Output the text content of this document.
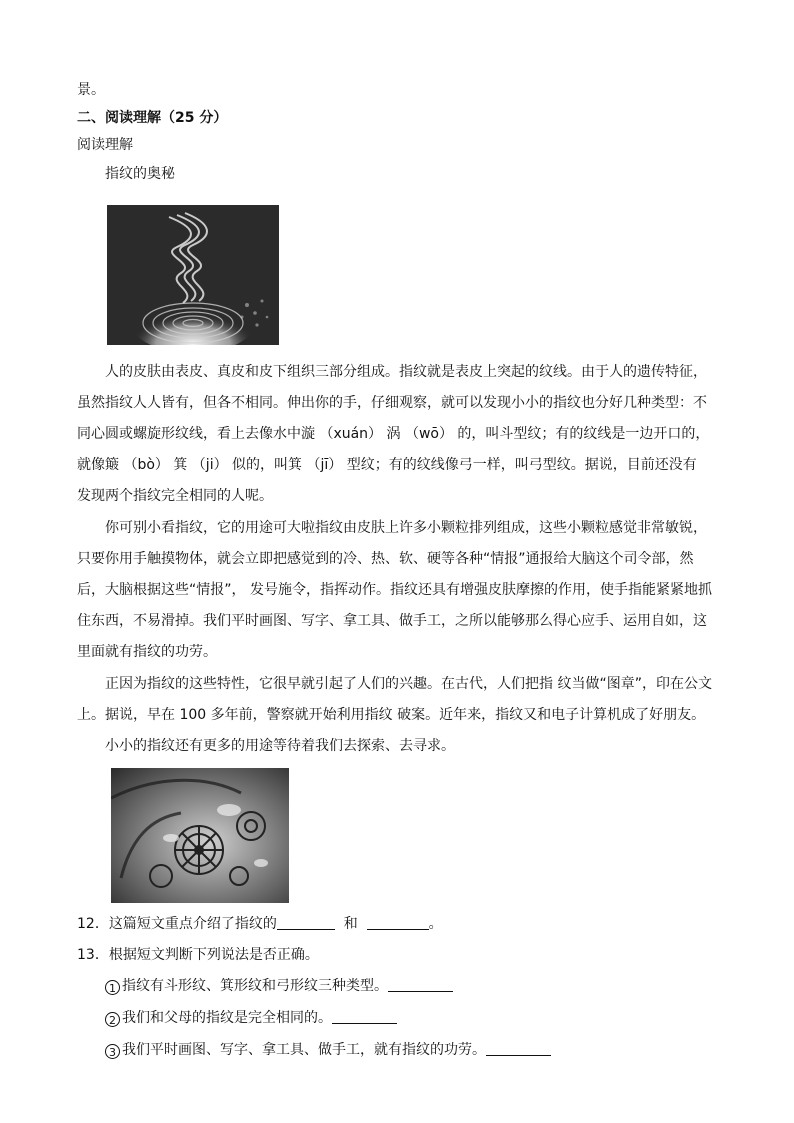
景。
二、阅读理解（25 分）
阅读理解
指纹的奥秘
人的皮肤由表皮、真皮和皮下组织三部分组成。指纹就是表皮上突起的纹线。由于人的遗传特征，
虽然指纹人人皆有，但各不相同。伸出你的手，仔细观察，就可以发现小小的指纹也分好几种类型：不
同心圆或螺旋形纹线，看上去像水中漩 （xuán） 涡 （wō） 的，叫斗型纹；有的纹线是一边开口的，
就像簸 （bò） 箕 （ji） 似的，叫箕 （jī） 型纹；有的纹线像弓一样，叫弓型纹。据说，目前还没有
发现两个指纹完全相同的人呢。
你可别小看指纹，它的用途可大啦指纹由皮肤上许多小颗粒排列组成，这些小颗粒感觉非常敏锐，
只要你用手触摸物体，就会立即把感觉到的冷、热、软、硬等各种“情报”通报给大脑这个司令部，然
后，大脑根据这些“情报”， 发号施令，指挥动作。指纹还具有增强皮肤摩擦的作用，使手指能紧紧地抓
住东西，不易滑掉。我们平时画图、写字、拿工具、做手工，之所以能够那么得心应手、运用自如，这
里面就有指纹的功劳。
正因为指纹的这些特性，它很早就引起了人们的兴趣。在古代，人们把指 纹当做“图章”，印在公文
上。据说，早在 100 多年前，警察就开始利用指纹 破案。近年来，指纹又和电子计算机成了好朋友。
小小的指纹还有更多的用途等待着我们去探索、去寻求。
12．这篇短文重点介绍了指纹的	和	。
13．根据短文判断下列说法是否正确。
1 指纹有斗形纹、箕形纹和弓形纹三种类型。
2 我们和父母的指纹是完全相同的。
3 我们平时画图、写字、拿工具、做手工，就有指纹的功劳。
